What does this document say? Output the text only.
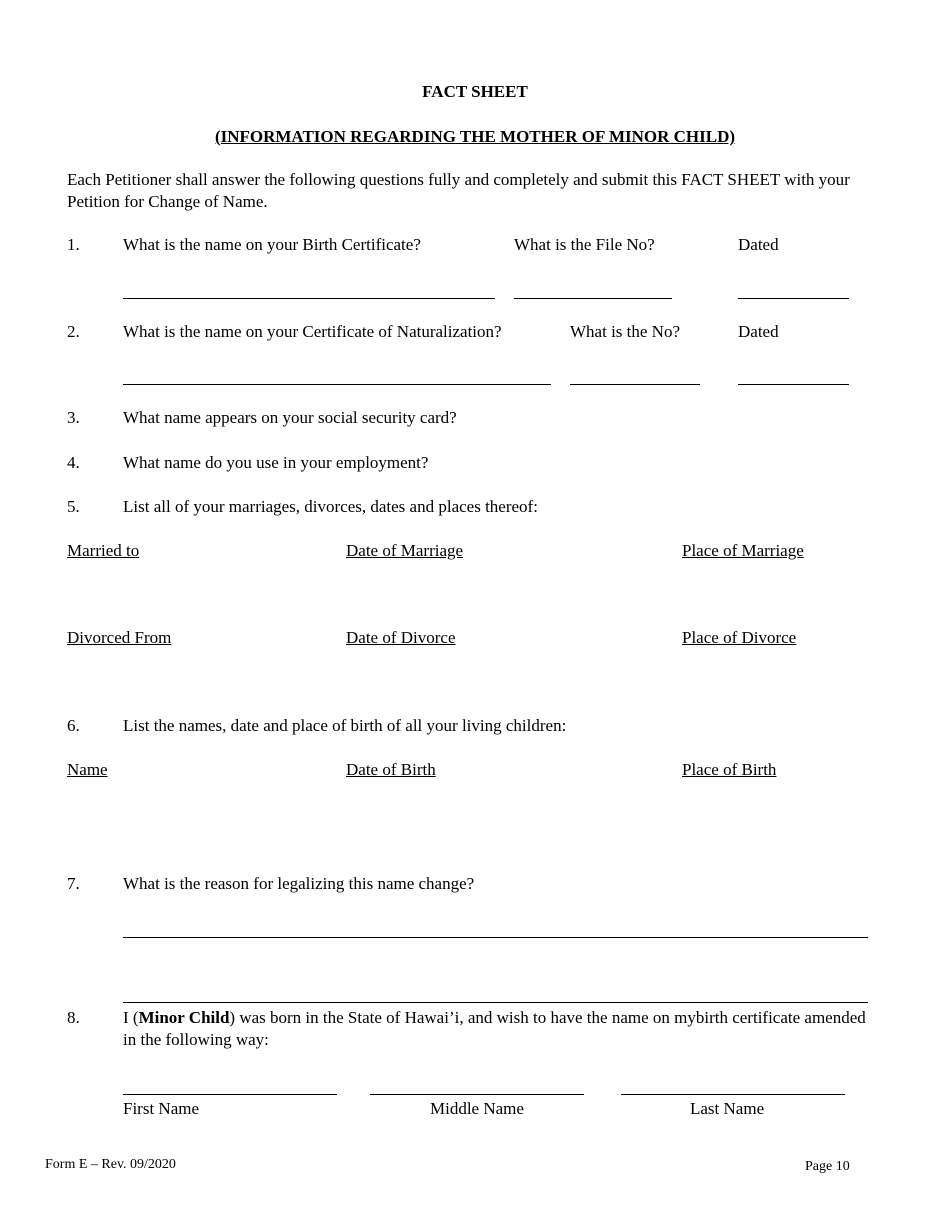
FACT SHEET
(INFORMATION REGARDING THE MOTHER OF MINOR CHILD)
Each Petitioner shall answer the following questions fully and completely and submit this FACT SHEET with your Petition for Change of Name.
1.	What is the name on your Birth Certificate?	What is the File No?	Dated
2.	What is the name on your Certificate of Naturalization?	What is the No?	Dated
3.	What name appears on your social security card?
4.	What name do you use in your employment?
5.	List all of your marriages, divorces, dates and places thereof:
Married to	Date of Marriage	Place of Marriage
Divorced From	Date of Divorce	Place of Divorce
6.	List the names, date and place of birth of all your living children:
Name	Date of Birth	Place of Birth
7.	What is the reason for legalizing this name change?
8.	I (Minor Child) was born in the State of Hawai’i, and wish to have the name on mybirth certificate amended in the following way:
First Name	Middle Name	Last Name
Form E – Rev. 09/2020	Page 10
